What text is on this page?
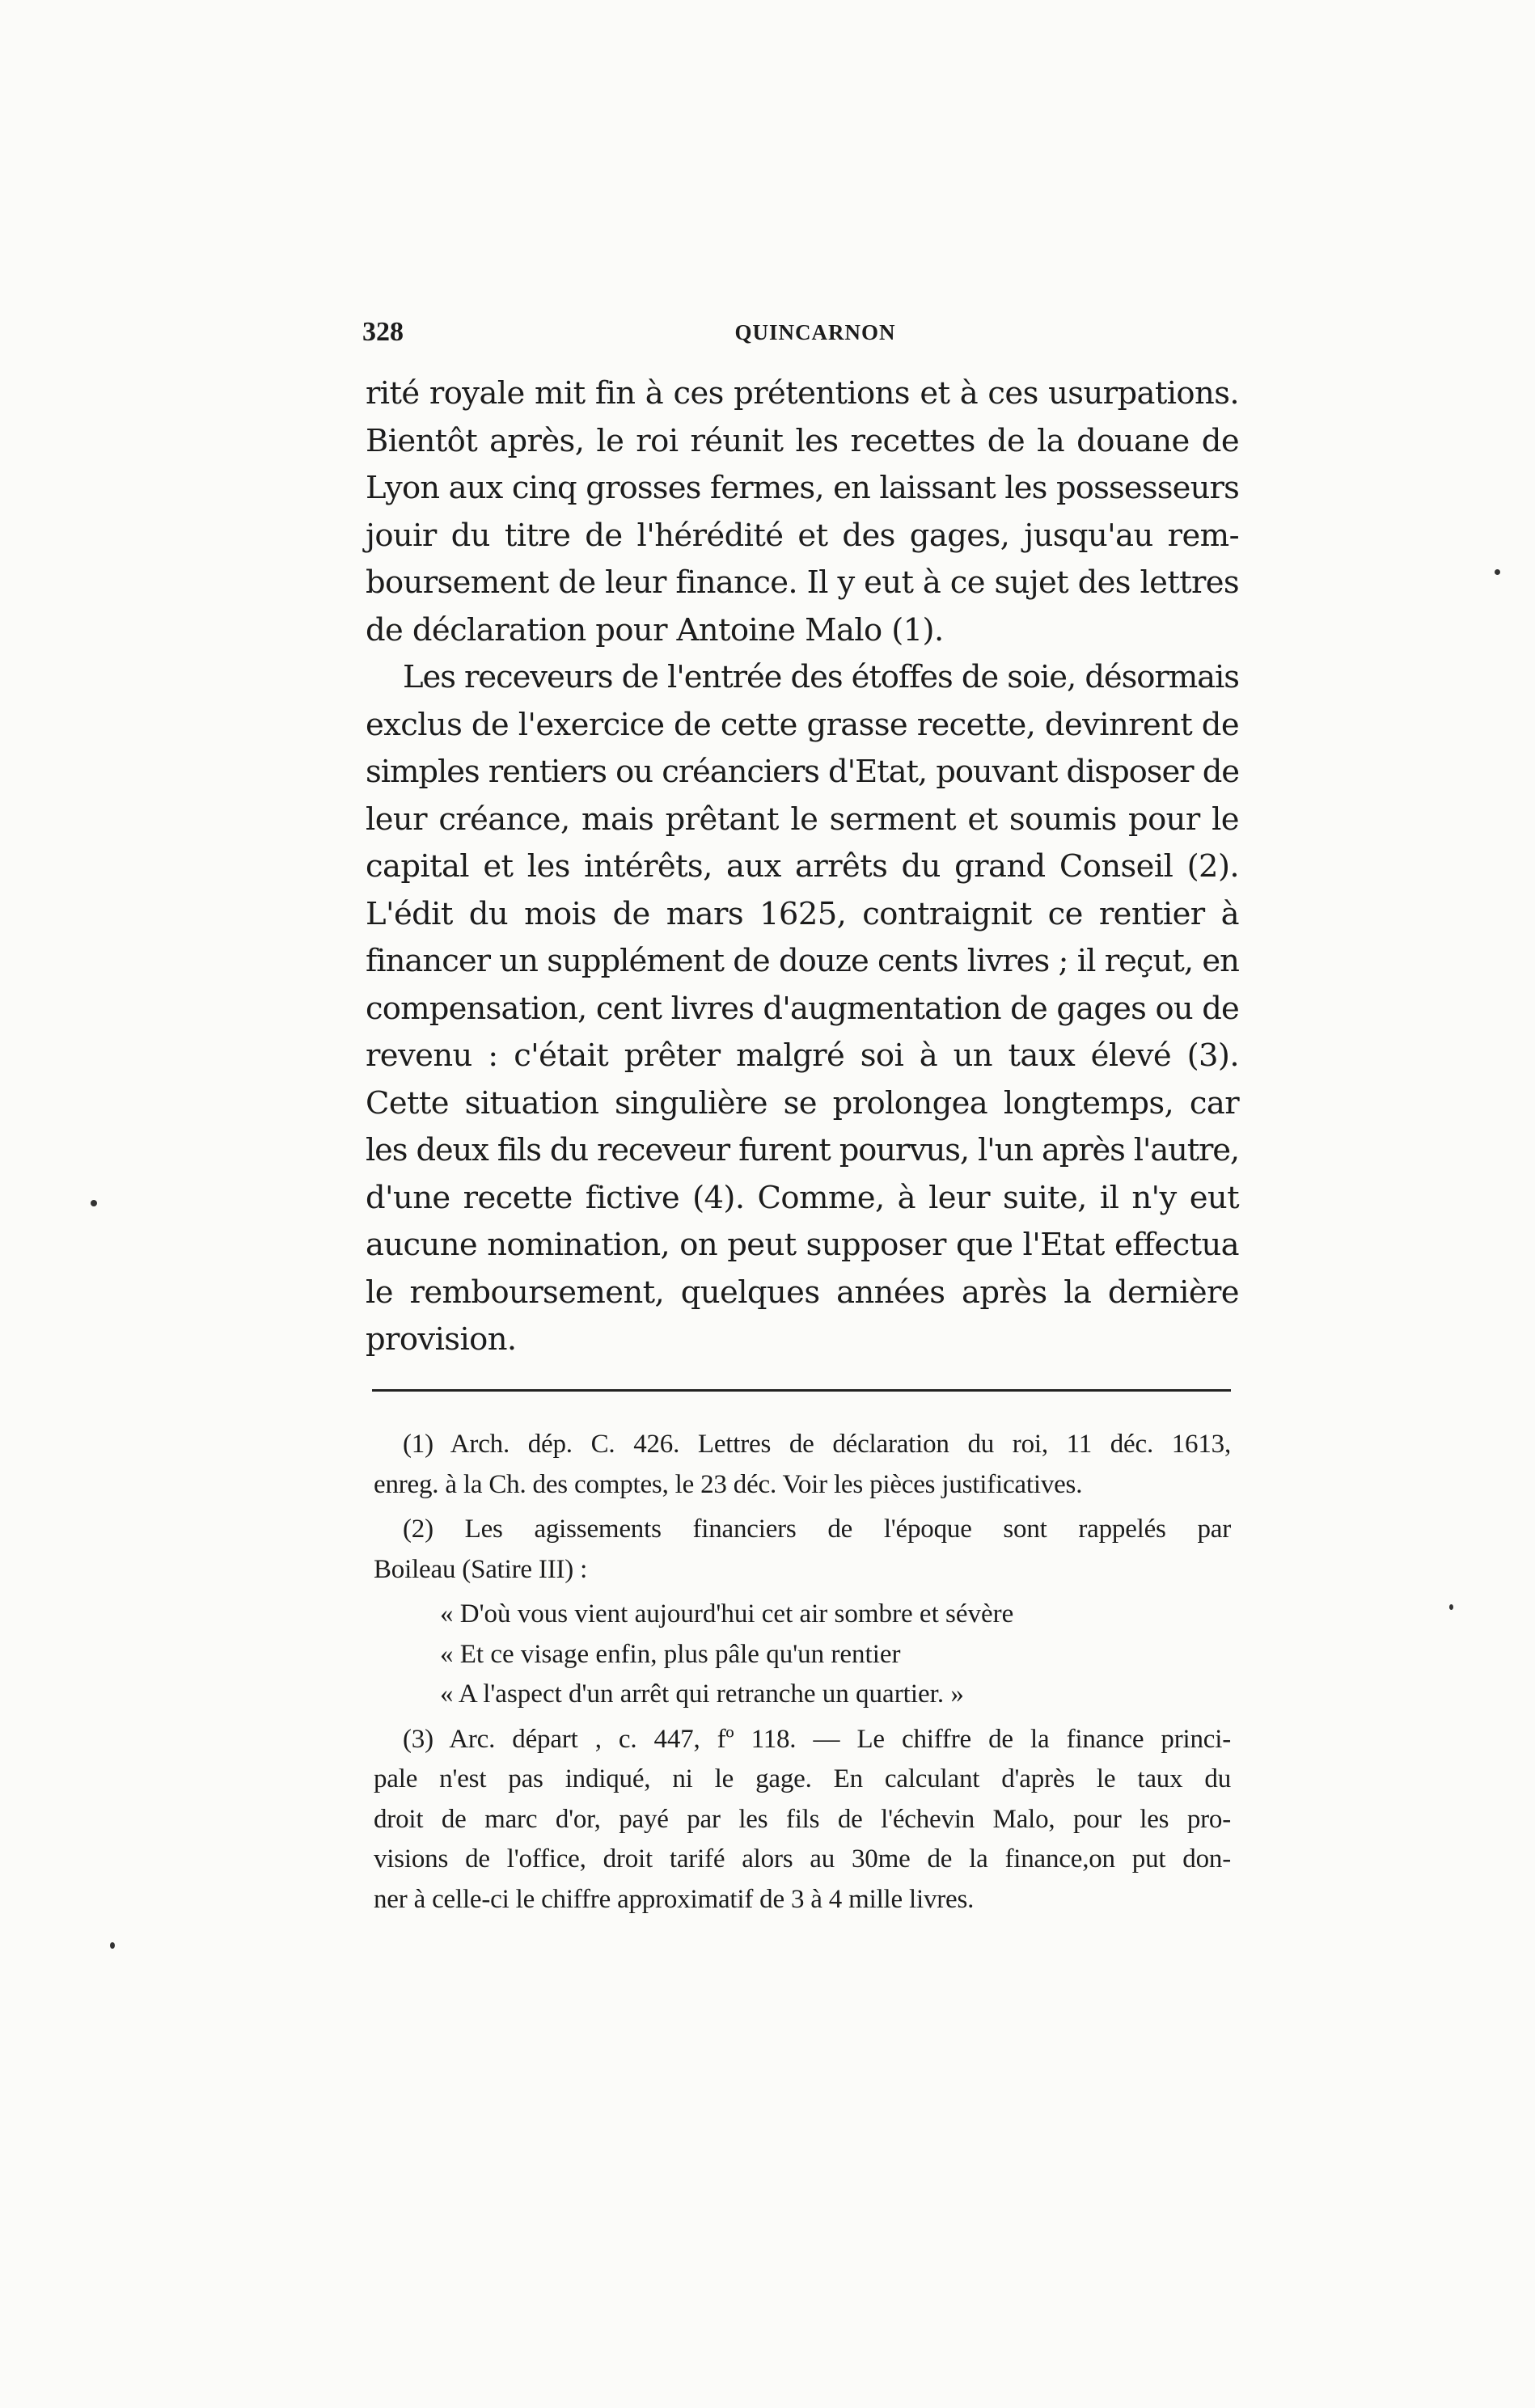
328	QUINCARNON
rité royale mit fin à ces prétentions et à ces usurpations.
Bientôt après, le roi réunit les recettes de la douane de
Lyon aux cinq grosses fermes, en laissant les possesseurs
jouir du titre de l'hérédité et des gages, jusqu'au rem-
boursement de leur finance. Il y eut à ce sujet des lettres
de déclaration pour Antoine Malo (1).
Les receveurs de l'entrée des étoffes de soie, désormais
exclus de l'exercice de cette grasse recette, devinrent de
simples rentiers ou créanciers d'Etat, pouvant disposer de
leur créance, mais prêtant le serment et soumis pour le
capital et les intérêts, aux arrêts du grand Conseil (2).
L'édit du mois de mars 1625, contraignit ce rentier à
financer un supplément de douze cents livres ; il reçut, en
compensation, cent livres d'augmentation de gages ou de
revenu : c'était prêter malgré soi à un taux élevé (3).
Cette situation singulière se prolongea longtemps, car
les deux fils du receveur furent pourvus, l'un après l'autre,
d'une recette fictive (4). Comme, à leur suite, il n'y eut
aucune nomination, on peut supposer que l'Etat effectua
le remboursement, quelques années après la dernière
provision.
(1) Arch. dép. C. 426. Lettres de déclaration du roi, 11 déc. 1613,
enreg. à la Ch. des comptes, le 23 déc. Voir les pièces justificatives.
(2) Les agissements financiers de l'époque sont rappelés par
Boileau (Satire III) :
« D'où vous vient aujourd'hui cet air sombre et sévère
« Et ce visage enfin, plus pâle qu'un rentier
« A l'aspect d'un arrêt qui retranche un quartier. »
(3) Arc. départ , c. 447, fº 118. — Le chiffre de la finance princi-
pale n'est pas indiqué, ni le gage. En calculant d'après le taux du
droit de marc d'or, payé par les fils de l'échevin Malo, pour les pro-
visions de l'office, droit tarifé alors au 30me de la finance,on put don-
ner à celle-ci le chiffre approximatif de 3 à 4 mille livres.
